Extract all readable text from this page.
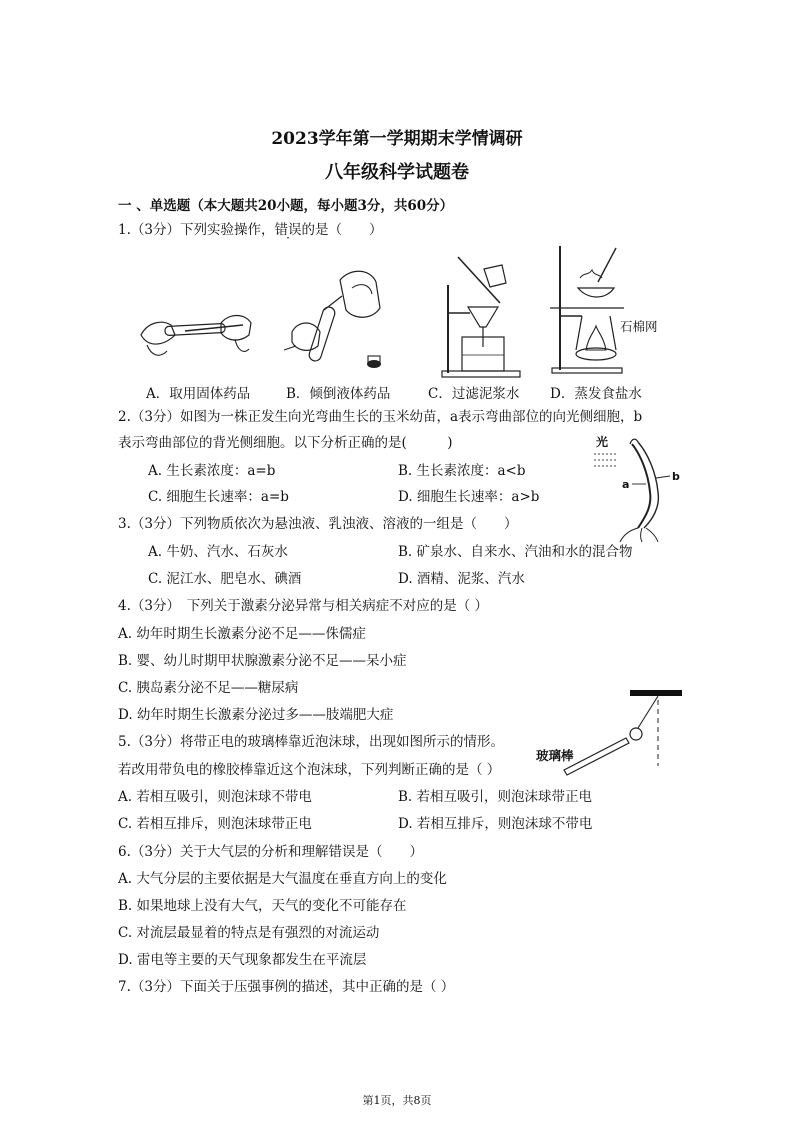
2023学年第一学期期末学情调研
八年级科学试题卷
一 、单选题（本大题共20小题，每小题3分，共60分）
1.（3分）下列实验操作，错误的是（　　）
石棉网
A．取用固体药品	B．倾倒液体药品	C．过滤泥浆水 D．蒸发食盐水
2.（3分）如图为一株正发生向光弯曲生长的玉米幼苗，a表示弯曲部位的向光侧细胞，b
表示弯曲部位的背光侧细胞。以下分析正确的是(　　　)
A. 生长素浓度：a=b	B. 生长素浓度：a<b
C. 细胞生长速率：a=b	D. 细胞生长速率：a>b
光
a
b
3.（3分）下列物质依次为悬浊液、乳浊液、溶液的一组是（　　）
A. 牛奶、汽水、石灰水	B. 矿泉水、自来水、汽油和水的混合物
C. 泥江水、肥皂水、碘酒	D. 酒精、泥浆、汽水
4.（3分）　下列关于激素分泌异常与相关病症不对应的是（ ）
A. 幼年时期生长激素分泌不足——侏儒症
B. 婴、幼儿时期甲状腺激素分泌不足——呆小症
C. 胰岛素分泌不足——糖尿病
D. 幼年时期生长激素分泌过多——肢端肥大症
玻璃棒
5.（3分）将带正电的玻璃棒靠近泡沫球，出现如图所示的情形。
若改用带负电的橡胶棒靠近这个泡沫球，下列判断正确的是（ ）
A. 若相互吸引，则泡沫球不带电	B. 若相互吸引，则泡沫球带正电
C. 若相互排斥，则泡沫球带正电	D. 若相互排斥，则泡沫球不带电
6.（3分）关于大气层的分析和理解错误是（　　）
A. 大气分层的主要依据是大气温度在垂直方向上的变化
B. 如果地球上没有大气，天气的变化不可能存在
C. 对流层最显着的特点是有强烈的对流运动
D. 雷电等主要的天气现象都发生在平流层
7.（3分）下面关于压强事例的描述，其中正确的是（ ）
第1页，共8页
